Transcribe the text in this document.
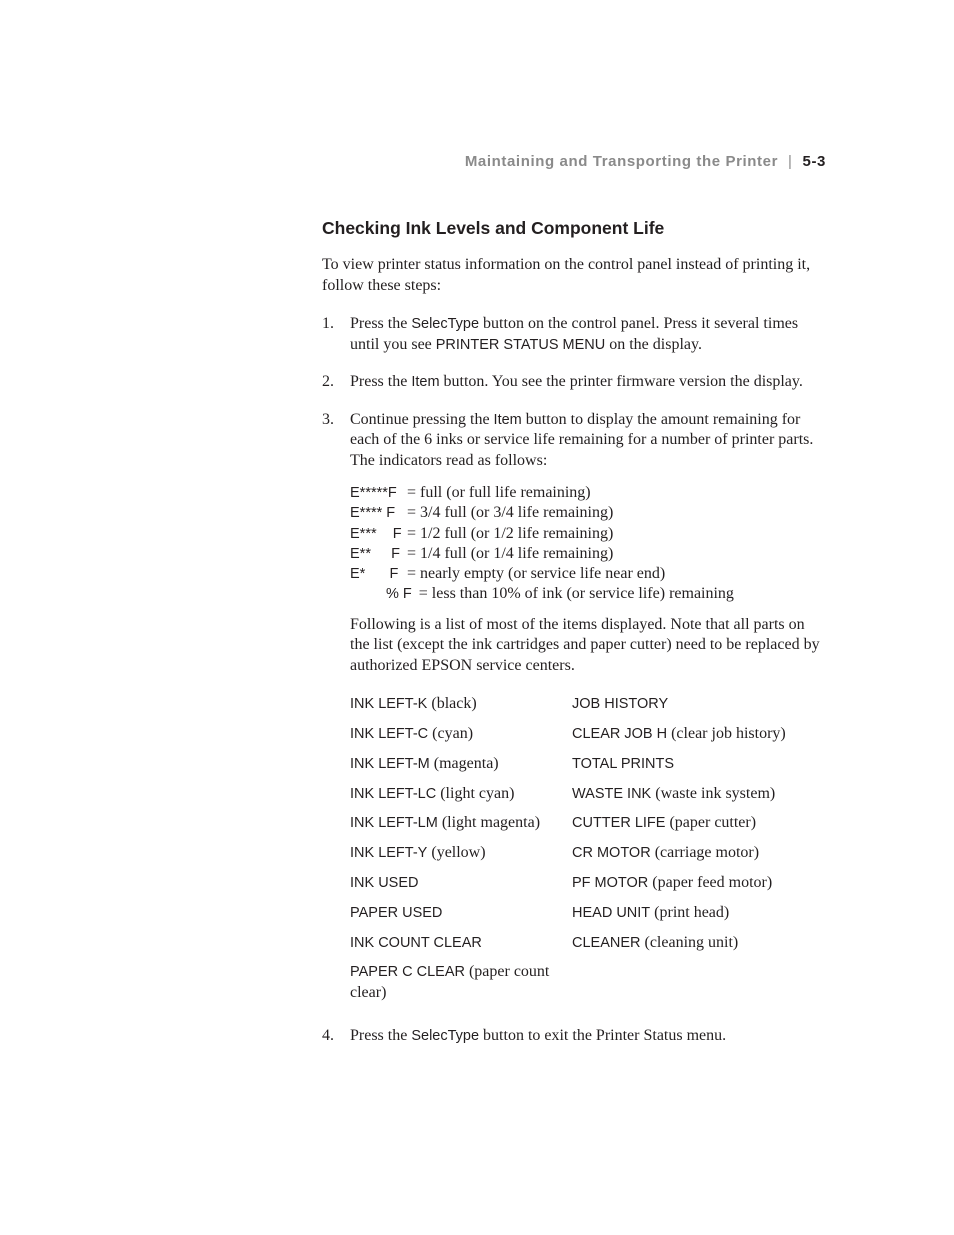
Maintaining and Transporting the Printer | 5-3
Checking Ink Levels and Component Life

To view printer status information on the control panel instead of printing it, follow these steps:

1. Press the SelecType button on the control panel. Press it several times until you see PRINTER STATUS MENU on the display.

2. Press the Item button. You see the printer firmware version the display.

3. Continue pressing the Item button to display the amount remaining for each of the 6 inks or service life remaining for a number of printer parts. The indicators read as follows:

E*****F = full (or full life remaining)
E**** F = 3/4 full (or 3/4 life remaining)
E***    F = 1/2 full (or 1/2 life remaining)
E**     F = 1/4 full (or 1/4 life remaining)
E*      F = nearly empty (or service life near end)
% F = less than 10% of ink (or service life) remaining

Following is a list of most of the items displayed. Note that all parts on the list (except the ink cartridges and paper cutter) need to be replaced by authorized EPSON service centers.

INK LEFT-K (black)	JOB HISTORY
INK LEFT-C (cyan)	CLEAR JOB H (clear job history)
INK LEFT-M (magenta)	TOTAL PRINTS
INK LEFT-LC (light cyan)	WASTE INK (waste ink system)
INK LEFT-LM (light magenta)	CUTTER LIFE (paper cutter)
INK LEFT-Y (yellow)	CR MOTOR (carriage motor)
INK USED	PF MOTOR (paper feed motor)
PAPER USED	HEAD UNIT (print head)
INK COUNT CLEAR	CLEANER (cleaning unit)
PAPER C CLEAR (paper count clear)
4. Press the SelecType button to exit the Printer Status menu.
